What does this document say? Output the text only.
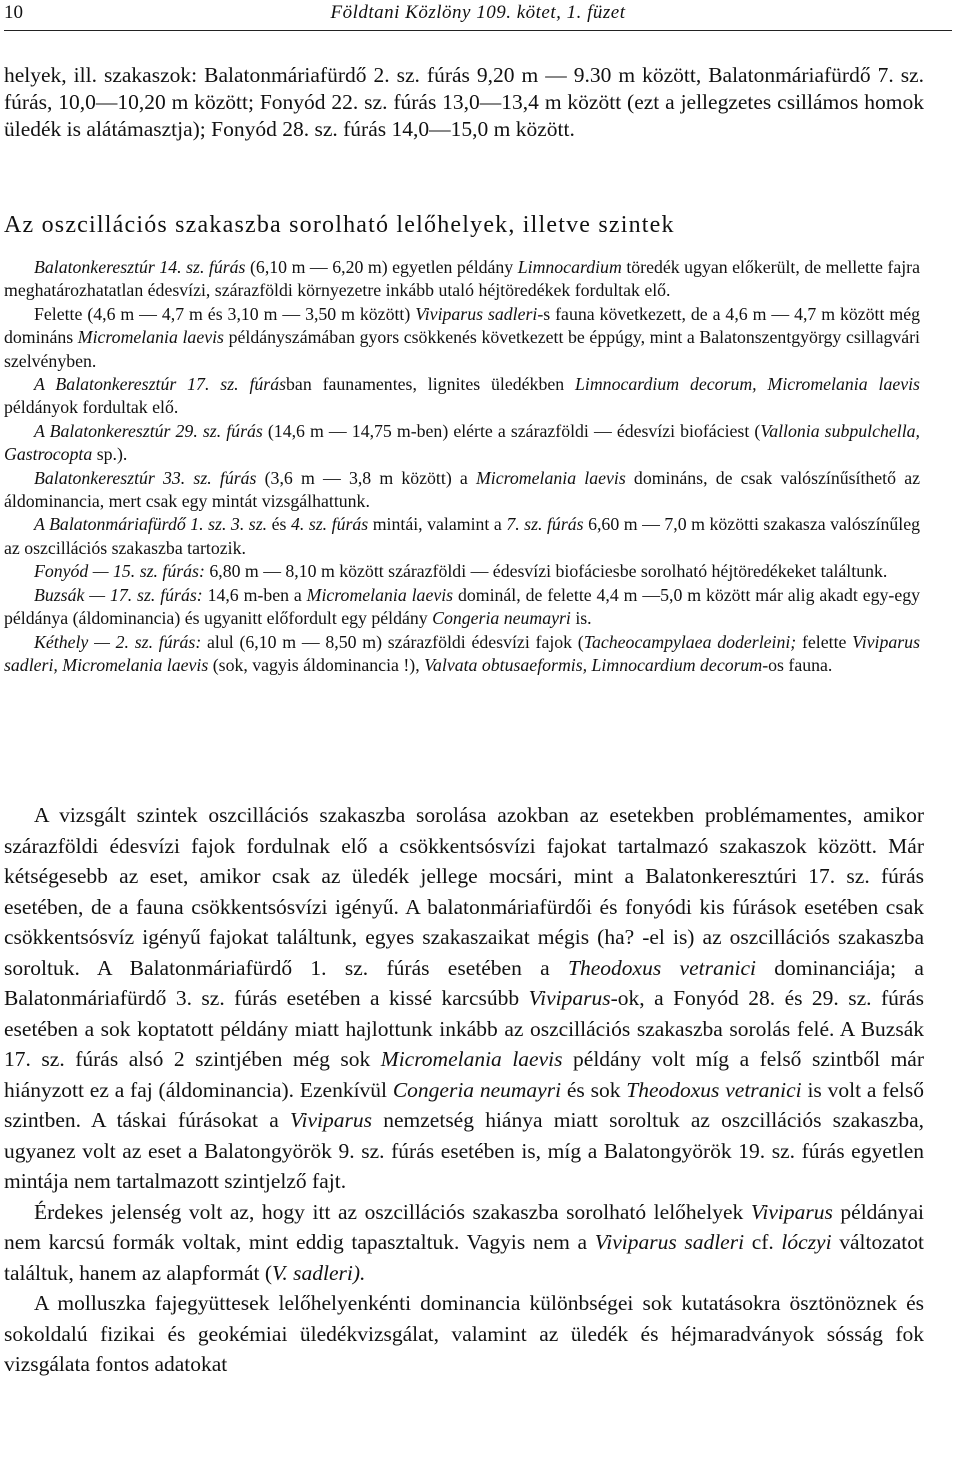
10	Földtani Közlöny 109. kötet, 1. füzet
helyek, ill. szakaszok: Balatonmáriafürdő 2. sz. fúrás 9,20 m — 9.30 m között, Balatonmáriafürdő 7. sz. fúrás, 10,0—10,20 m között; Fonyód 22. sz. fúrás 13,0—13,4 m között (ezt a jellegzetes csillámos homok üledék is alátámasztja); Fonyód 28. sz. fúrás 14,0—15,0 m között.
Az oszcillációs szakaszba sorolható lelőhelyek, illetve szintek

Balatonkeresztúr 14. sz. fúrás (6,10 m — 6,20 m) egyetlen példány Limnocardium töredék ugyan előkerült, de mellette fajra meghatározhatatlan édesvízi, szárazföldi környezetre inkább utaló héjtöredékek fordultak elő.

Felette (4,6 m — 4,7 m és 3,10 m — 3,50 m között) Viviparus sadleri-s fauna következett, de a 4,6 m — 4,7 m között még domináns Micromelania laevis példányszámában gyors csökkenés következett be éppúgy, mint a Balatonszentgyörgy csillagvári szelvényben.

A Balatonkeresztúr 17. sz. fúrásban faunamentes, lignites üledékben Limnocardium decorum, Micromelania laevis példányok fordultak elő.

A Balatonkeresztúr 29. sz. fúrás (14,6 m — 14,75 m-ben) elérte a szárazföldi — édesvízi biofáciest (Vallonia subpulchella, Gastrocopta sp.).

Balatonkeresztúr 33. sz. fúrás (3,6 m — 3,8 m között) a Micromelania laevis domináns, de csak valószínűsíthető az áldominancia, mert csak egy mintát vizsgálhattunk.

A Balatonmáriafürdő 1. sz. 3. sz. és 4. sz. fúrás mintái, valamint a 7. sz. fúrás 6,60 m — 7,0 m közötti szakasza valószínűleg az oszcillációs szakaszba tartozik.

Fonyód — 15. sz. fúrás: 6,80 m — 8,10 m között szárazföldi — édesvízi biofáciesbe sorolható héjtöredékeket találtunk.

Buzsák — 17. sz. fúrás: 14,6 m-ben a Micromelania laevis dominál, de felette 4,4 m —5,0 m között már alig akadt egy-egy példánya (áldominancia) és ugyanitt előfordult egy példány Congeria neumayri is.

Kéthely — 2. sz. fúrás: alul (6,10 m — 8,50 m) szárazföldi édesvízi fajok (Tacheocampylaea doderleini; felette Viviparus sadleri, Micromelania laevis (sok, vagyis áldominancia !), Valvata obtusaeformis, Limnocardium decorum-os fauna.

A vizsgált szintek oszcillációs szakaszba sorolása azokban az esetekben problémamentes, amikor szárazföldi édesvízi fajok fordulnak elő a csökkentsósvízi fajokat tartalmazó szakaszok között. Már kétségesebb az eset, amikor csak az üledék jellege mocsári, mint a Balatonkeresztúri 17. sz. fúrás esetében, de a fauna csökkentsósvízi igényű. A balatonmáriafürdői és fonyódi kis fúrások esetében csak csökkentsósvíz igényű fajokat találtunk, egyes szakaszaikat mégis (ha? -el is) az oszcillációs szakaszba soroltuk. A Balatonmáriafürdő 1. sz. fúrás esetében a Theodoxus vetranici dominanciája; a Balatonmáriafürdő 3. sz. fúrás esetében a kissé karcsúbb Viviparus-ok, a Fonyód 28. és 29. sz. fúrás esetében a sok koptatott példány miatt hajlottunk inkább az oszcillációs szakaszba sorolás felé. A Buzsák 17. sz. fúrás alsó 2 szintjében még sok Micromelania laevis példány volt míg a felső szintből már hiányzott ez a faj (áldominancia). Ezenkívül Congeria neumayri és sok Theodoxus vetranici is volt a felső szintben. A táskai fúrásokat a Viviparus nemzetség hiánya miatt soroltuk az oszcillációs szakaszba, ugyanez volt az eset a Balatongyörök 9. sz. fúrás esetében is, míg a Balatongyörök 19. sz. fúrás egyetlen mintája nem tartalmazott szintjelző fajt.

Érdekes jelenség volt az, hogy itt az oszcillációs szakaszba sorolható lelőhelyek Viviparus példányai nem karcsú formák voltak, mint eddig tapasztaltuk. Vagyis nem a Viviparus sadleri cf. lóczyi változatot találtuk, hanem az alapformát (V. sadleri).

A molluszka fajegyüttesek lelőhelyenkénti dominancia különbségei sok kutatásokra ösztönöznek és sokoldalú fizikai és geokémiai üledékvizsgálat, valamint az üledék és héjmaradványok sósság fok vizsgálata fontos adatokat
